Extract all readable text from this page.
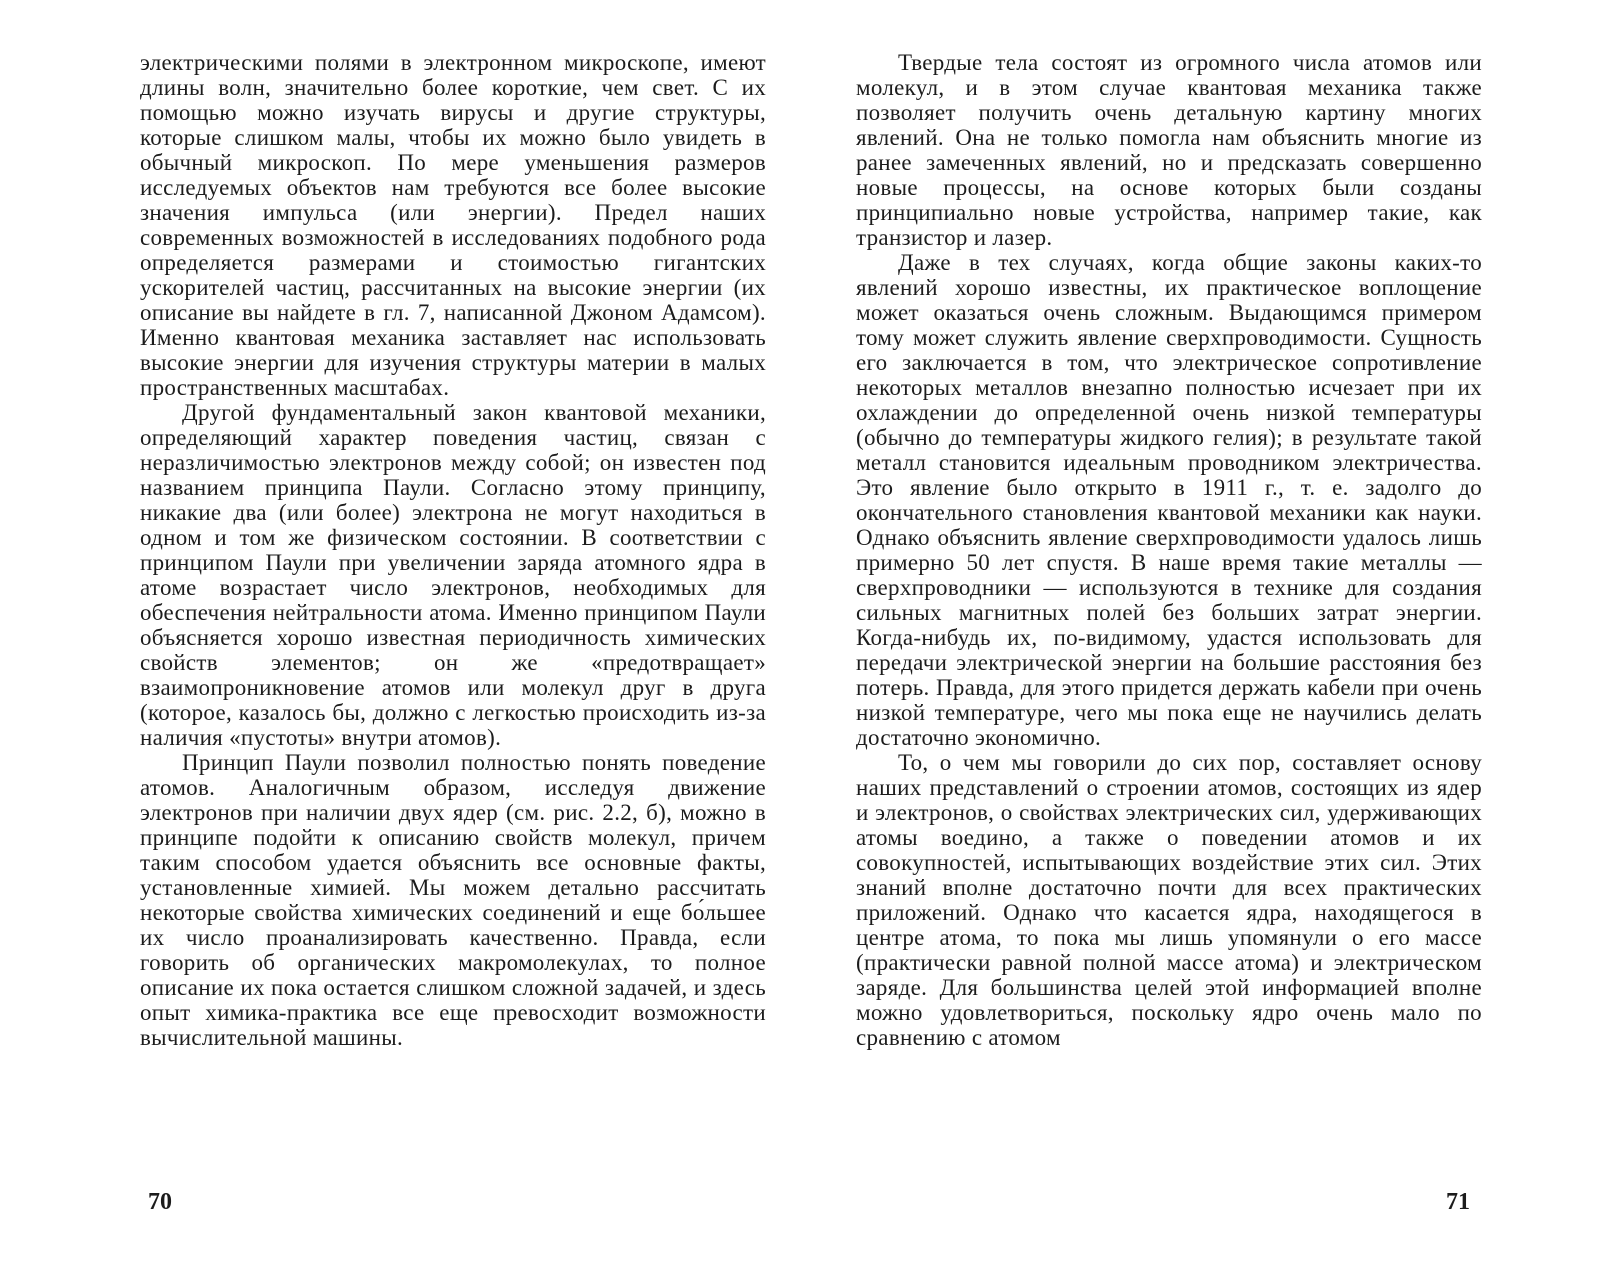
электрическими полями в электронном микроскопе, имеют длины волн, значительно более короткие, чем свет. С их помощью можно изучать вирусы и другие структуры, которые слишком малы, чтобы их можно было увидеть в обычный микроскоп. По мере уменьшения размеров исследуемых объектов нам требуются все более высокие значения импульса (или энергии). Предел наших современных возможностей в исследованиях подобного рода определяется размерами и стоимостью гигантских ускорителей частиц, рассчитанных на высокие энергии (их описание вы найдете в гл. 7, написанной Джоном Адамсом). Именно квантовая механика заставляет нас использовать высокие энергии для изучения структуры материи в малых пространственных масштабах.

Другой фундаментальный закон квантовой механики, определяющий характер поведения частиц, связан с неразличимостью электронов между собой; он известен под названием принципа Паули. Согласно этому принципу, никакие два (или более) электрона не могут находиться в одном и том же физическом состоянии. В соответствии с принципом Паули при увеличении заряда атомного ядра в атоме возрастает число электронов, необходимых для обеспечения нейтральности атома. Именно принципом Паули объясняется хорошо известная периодичность химических свойств элементов; он же «предотвращает» взаимопроникновение атомов или молекул друг в друга (которое, казалось бы, должно с легкостью происходить из-за наличия «пустоты» внутри атомов).

Принцип Паули позволил полностью понять поведение атомов. Аналогичным образом, исследуя движение электронов при наличии двух ядер (см. рис. 2.2, б), можно в принципе подойти к описанию свойств молекул, причем таким способом удается объяснить все основные факты, установленные химией. Мы можем детально рассчитать некоторые свойства химических соединений и еще бо́льшее их число проанализировать качественно. Правда, если говорить об органических макромолекулах, то полное описание их пока остается слишком сложной задачей, и здесь опыт химика-практика все еще превосходит возможности вычислительной машины.

70

Твердые тела состоят из огромного числа атомов или молекул, и в этом случае квантовая механика также позволяет получить очень детальную картину многих явлений. Она не только помогла нам объяснить многие из ранее замеченных явлений, но и предсказать совершенно новые процессы, на основе которых были созданы принципиально новые устройства, например такие, как транзистор и лазер.

Даже в тех случаях, когда общие законы каких-то явлений хорошо известны, их практическое воплощение может оказаться очень сложным. Выдающимся примером тому может служить явление сверхпроводимости. Сущность его заключается в том, что электрическое сопротивление некоторых металлов внезапно полностью исчезает при их охлаждении до определенной очень низкой температуры (обычно до температуры жидкого гелия); в результате такой металл становится идеальным проводником электричества. Это явление было открыто в 1911 г., т. е. задолго до окончательного становления квантовой механики как науки. Однако объяснить явление сверхпроводимости удалось лишь примерно 50 лет спустя. В наше время такие металлы — сверхпроводники — используются в технике для создания сильных магнитных полей без больших затрат энергии. Когда-нибудь их, по-видимому, удастся использовать для передачи электрической энергии на большие расстояния без потерь. Правда, для этого придется держать кабели при очень низкой температуре, чего мы пока еще не научились делать достаточно экономично.

То, о чем мы говорили до сих пор, составляет основу наших представлений о строении атомов, состоящих из ядер и электронов, о свойствах электрических сил, удерживающих атомы воедино, а также о поведении атомов и их совокупностей, испытывающих воздействие этих сил. Этих знаний вполне достаточно почти для всех практических приложений. Однако что касается ядра, находящегося в центре атома, то пока мы лишь упомянули о его массе (практически равной полной массе атома) и электрическом заряде. Для большинства целей этой информацией вполне можно удовлетвориться, поскольку ядро очень мало по сравнению с атомом

71
